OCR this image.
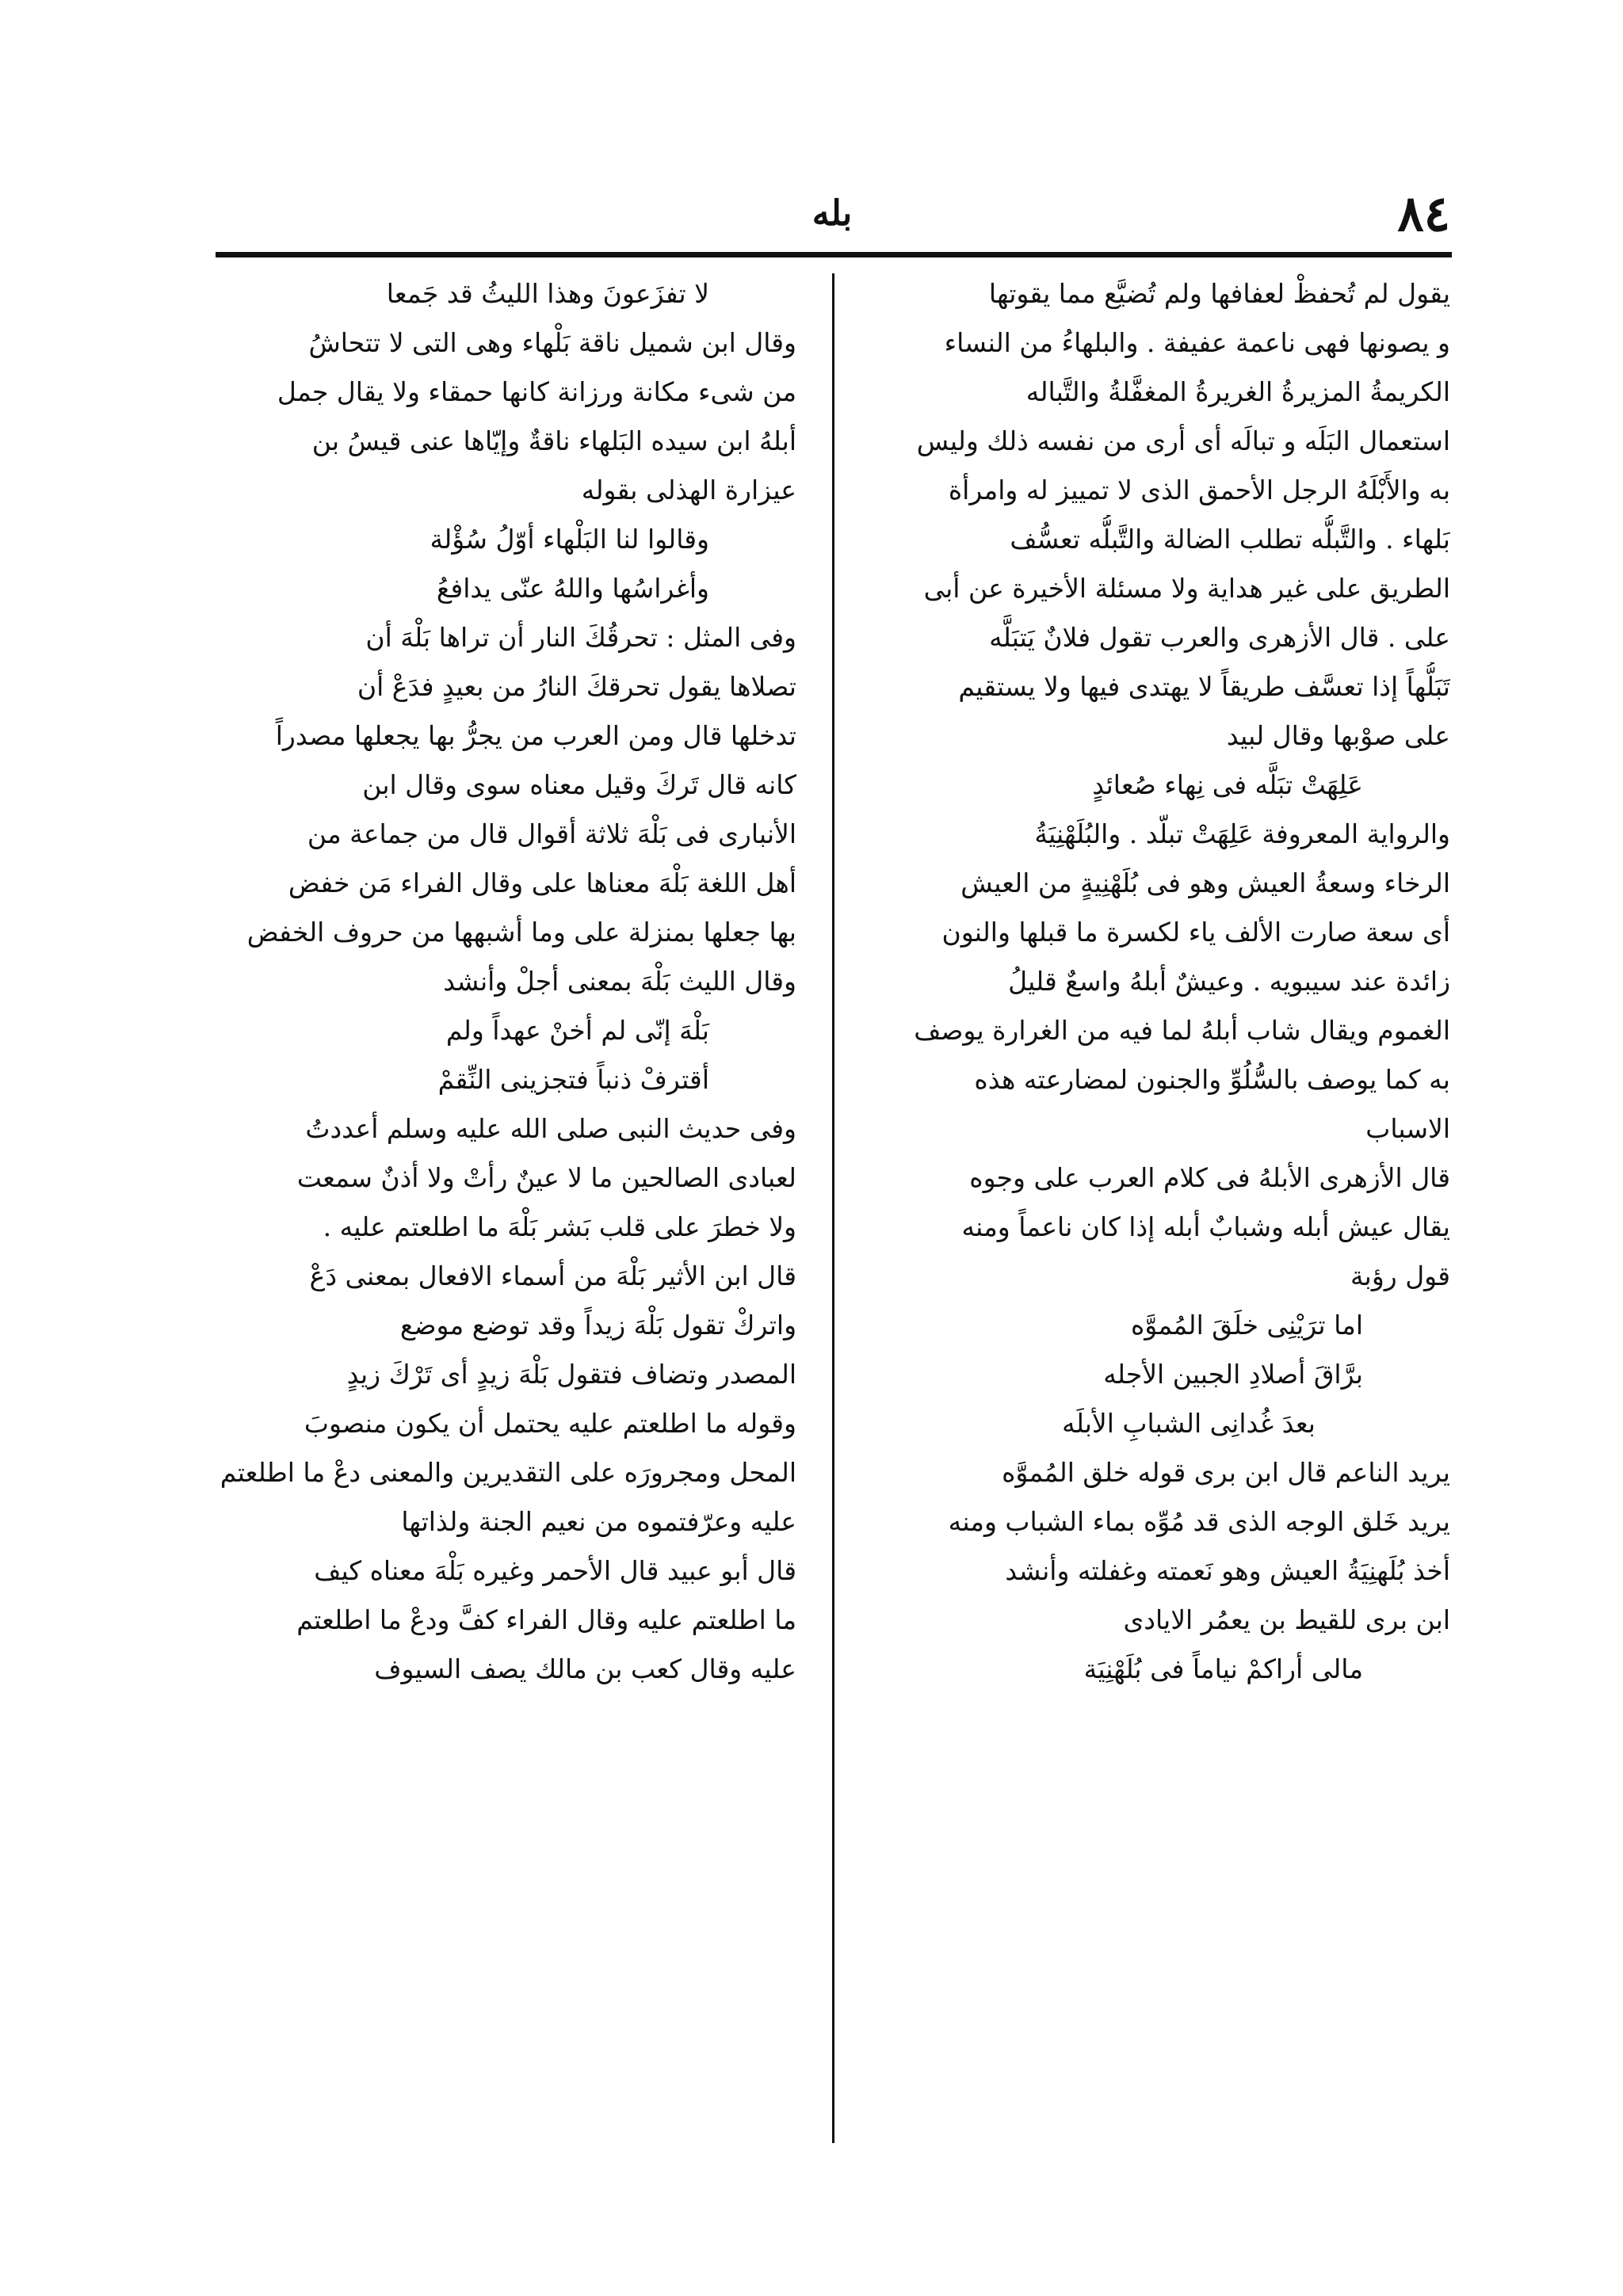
٨٤
بله
يقول لم تُحفظْ لعفافها ولم تُضيَّع مما يقوتها
و يصونها فهى ناعمة عفيفة . والبلهاءُ من النساء
الكريمةُ المزيرةُ الغريرةُ المغفَّلةُ والتَّباله
استعمال البَلَه و تبالَه أى أرى من نفسه ذلك وليس
به والأَبْلَهُ الرجل الأحمق الذى لا تمييز له وامرأة
بَلهاء . والتَّبلُّه تطلب الضالة والتَّبلُّه تعسُّف
الطريق على غير هداية ولا مسئلة الأخيرة عن أبى
على . قال الأزهرى والعرب تقول فلانٌ يَتبَلَّه
تَبَلُّهاً إذا تعسَّف طريقاً لا يهتدى فيها ولا يستقيم
على صوْبها وقال لبيد
عَلِهَتْ تبَلَّه فى نِهاء صُعائدٍ
والرواية المعروفة عَلِهَتْ تبلّد . والبُلَهْنِيَةُ
الرخاء وسعةُ العيش وهو فى بُلَهْنِيةٍ من العيش
أى سعة صارت الألف ياء لكسرة ما قبلها والنون
زائدة عند سيبويه . وعيشٌ أبلهُ واسعٌ قليلُ
الغموم ويقال شاب أبلهُ لما فيه من الغرارة يوصف
به كما يوصف بالسُّلُوِّ والجنون لمضارعته هذه
الاسباب
قال الأزهرى الأبلهُ فى كلام العرب على وجوه
يقال عيش أبله وشبابٌ أبله إذا كان ناعماً ومنه
قول رؤبة
اما ترَيْنِى خلَقَ المُموَّه
برَّاقَ أصلادِ الجبين الأجله
بعدَ غُدانِى الشبابِ الأبلَه
يريد الناعم قال ابن برى قوله خلق المُموَّه
يريد خَلق الوجه الذى قد مُوِّه بماء الشباب ومنه
أخذ بُلَهنِيَةُ العيش وهو نَعمته وغفلته وأنشد
ابن برى للقيط بن يعمُر الايادى
مالى أراكمْ نياماً فى بُلَهْنِيَة
لا تفزَعونَ وهذا الليثُ قد جَمعا
وقال ابن شميل ناقة بَلْهاء وهى التى لا تتحاشُ
من شىء مكانة ورزانة كانها حمقاء ولا يقال جمل
أبلهُ ابن سيده البَلهاء ناقةٌ وإيّاها عنى قيسُ بن
عيزارة الهذلى بقوله
وقالوا لنا البَلْهاء أوّلُ سُؤْلة
وأغراسُها واللهُ عنّى يدافعُ
وفى المثل : تحرقُكَ النار أن تراها بَلْهَ أن
تصلاها يقول تحرقكَ النارُ من بعيدٍ فدَعْ أن
تدخلها قال ومن العرب من يجرُّ بها يجعلها مصدراً
كانه قال تَركَ وقيل معناه سوى وقال ابن
الأنبارى فى بَلْهَ ثلاثة أقوال قال من جماعة من
أهل اللغة بَلْهَ معناها على وقال الفراء مَن خفض
بها جعلها بمنزلة على وما أشبهها من حروف الخفض
وقال الليث بَلْهَ بمعنى أجلْ وأنشد
بَلْهَ إنّى لم أخنْ عهداً ولم
أقترفْ ذنباً فتجزينى النِّقمْ
وفى حديث النبى صلى الله عليه وسلم أعددتُ
لعبادى الصالحين ما لا عينٌ رأتْ ولا أذنٌ سمعت
ولا خطرَ على قلب بَشر بَلْهَ ما اطلعتم عليه .
قال ابن الأثير بَلْهَ من أسماء الافعال بمعنى دَعْ
واتركْ تقول بَلْهَ زيداً وقد توضع موضع
المصدر وتضاف فتقول بَلْهَ زيدٍ أى تَرْكَ زيدٍ
وقوله ما اطلعتم عليه يحتمل أن يكون منصوبَ
المحل ومجرورَه على التقديرين والمعنى دعْ ما اطلعتم
عليه وعرّفتموه من نعيم الجنة ولذاتها
قال أبو عبيد قال الأحمر وغيره بَلْهَ معناه كيف
ما اطلعتم عليه وقال الفراء كفَّ ودعْ ما اطلعتم
عليه وقال كعب بن مالك يصف السيوف
